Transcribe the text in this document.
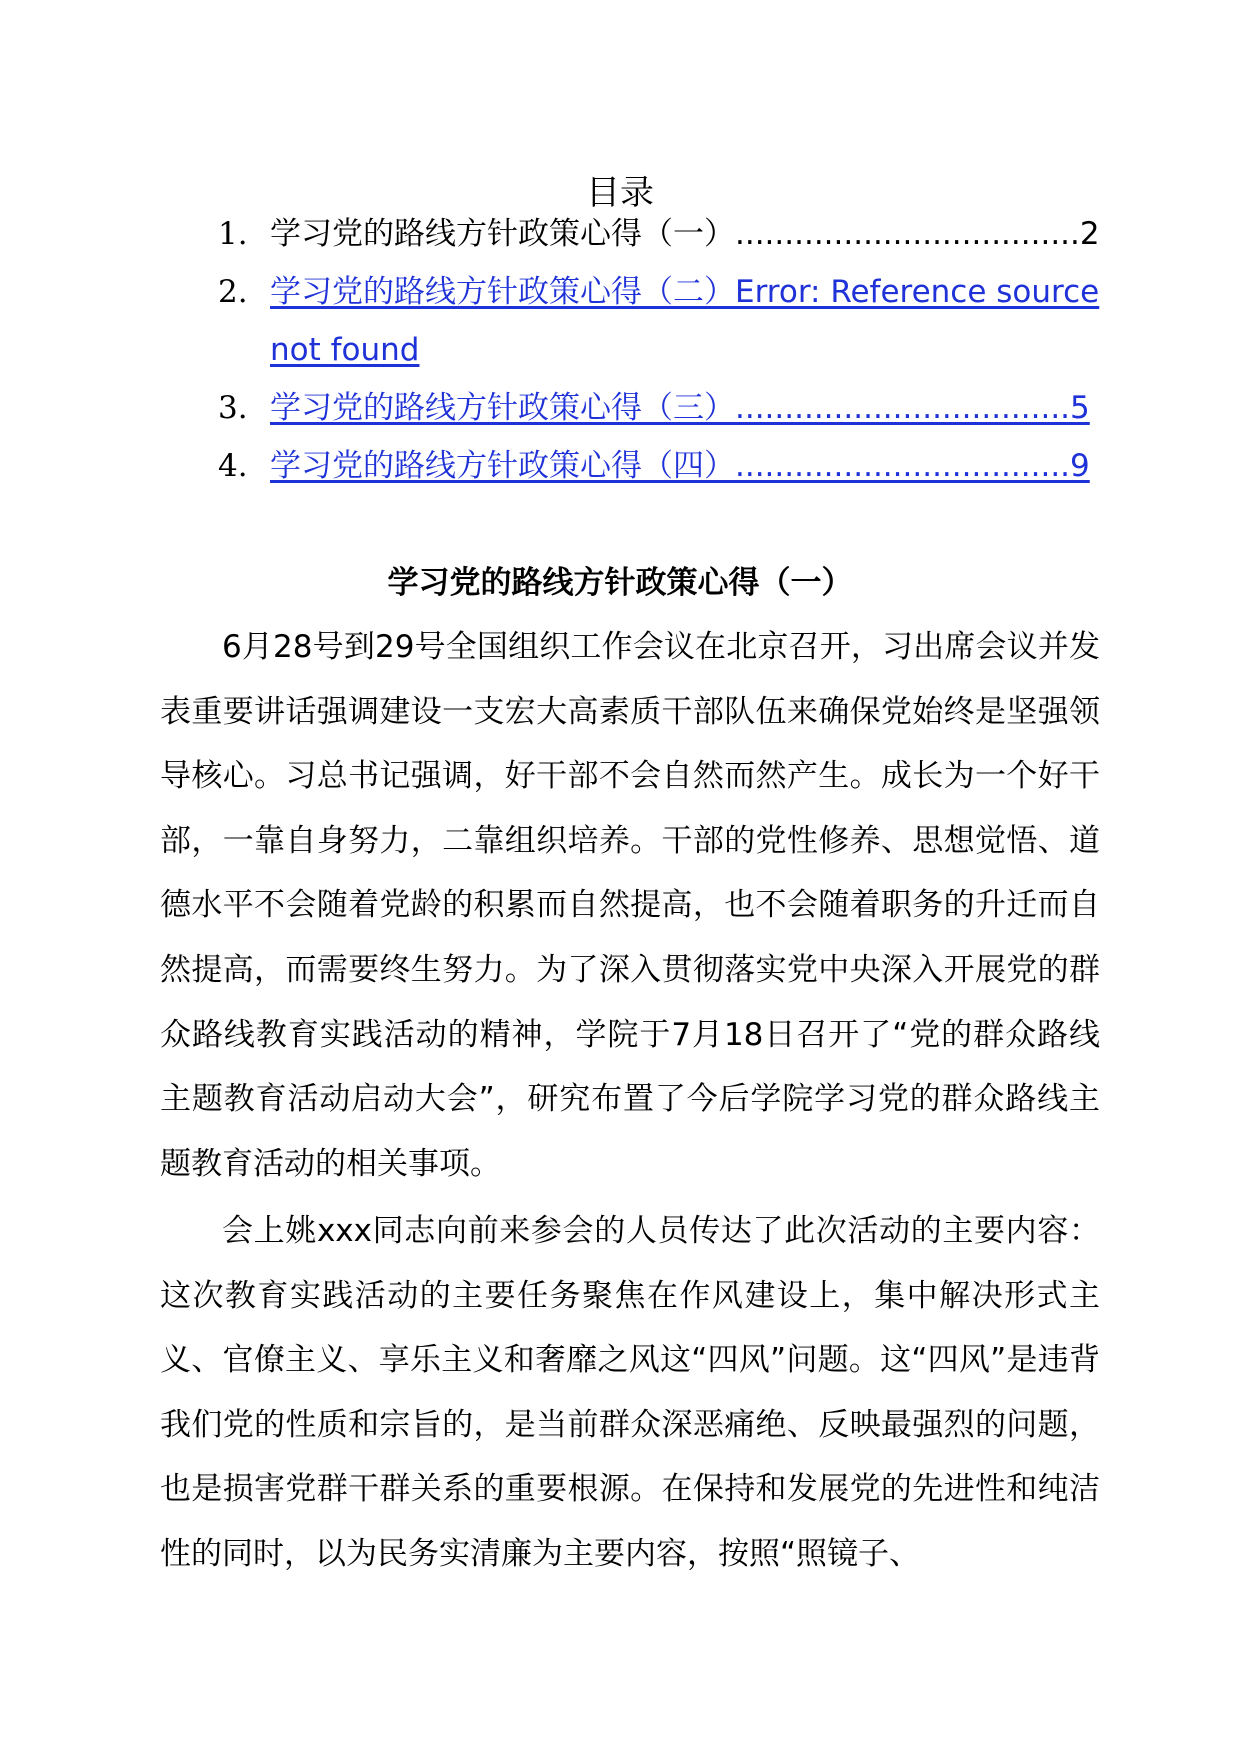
目录
1. 学习党的路线方针政策心得（一）...................................2
2. 学习党的路线方针政策心得（二）Error: Reference source
not found
3. 学习党的路线方针政策心得（三）..................................5
4. 学习党的路线方针政策心得（四）..................................9
学习党的路线方针政策心得（一）

6月28号到29号全国组织工作会议在北京召开，习出席会议并发表重要讲话强调建设一支宏大高素质干部队伍来确保党始终是坚强领导核心。习总书记强调，好干部不会自然而然产生。成长为一个好干部，一靠自身努力，二靠组织培养。干部的党性修养、思想觉悟、道德水平不会随着党龄的积累而自然提高，也不会随着职务的升迁而自然提高，而需要终生努力。为了深入贯彻落实党中央深入开展党的群众路线教育实践活动的精神，学院于7月18日召开了“党的群众路线主题教育活动启动大会”，研究布置了今后学院学习党的群众路线主题教育活动的相关事项。

会上姚xxx同志向前来参会的人员传达了此次活动的主要内容：这次教育实践活动的主要任务聚焦在作风建设上，集中解决形式主义、官僚主义、享乐主义和奢靡之风这“四风”问题。这“四风”是违背我们党的性质和宗旨的，是当前群众深恶痛绝、反映最强烈的问题，也是损害党群干群关系的重要根源。在保持和发展党的先进性和纯洁性的同时，以为民务实清廉为主要内容，按照“照镜子、
